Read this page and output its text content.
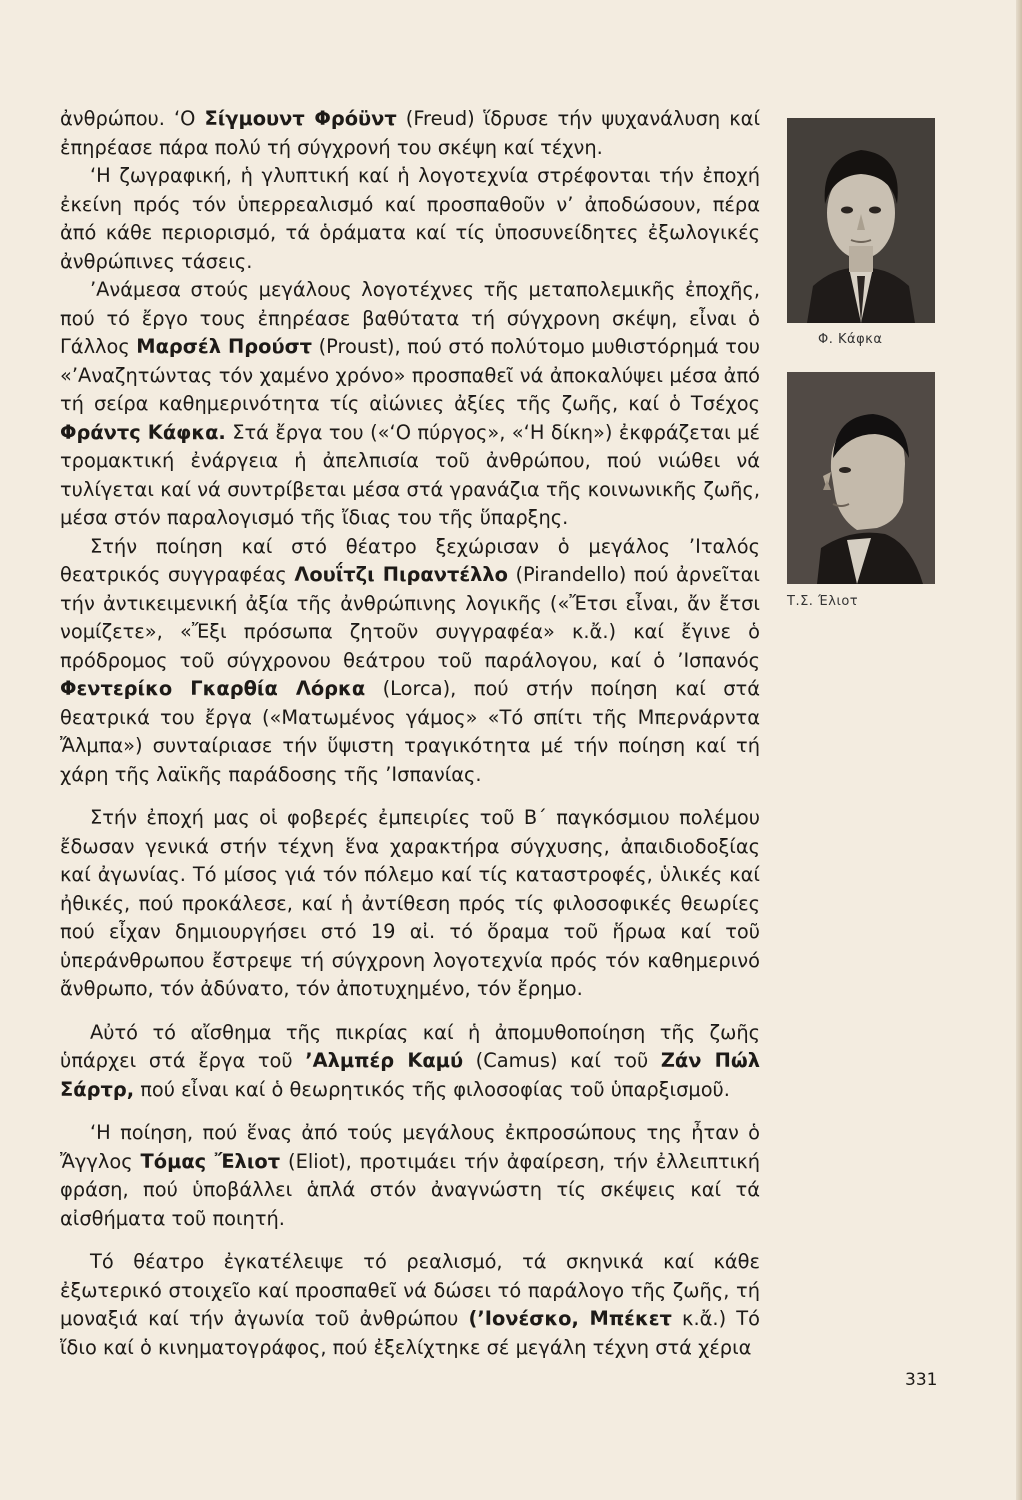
ἀνθρώπου. ‘Ο Σίγμουντ Φρόϋντ (Freud) ἵδρυσε τήν ψυχανάλυση καί ἐπηρέασε πάρα πολύ τή σύγχρονή του σκέψη καί τέχνη.

‘Η ζωγραφική, ἡ γλυπτική καί ἡ λογοτεχνία στρέφονται τήν ἐποχή ἐκείνη πρός τόν ὑπερρεαλισμό καί προσπαθοῦν ν’ ἀποδώσουν, πέρα ἀπό κάθε περιορισμό, τά ὁράματα καί τίς ὑποσυνείδητες ἐξωλογικές ἀνθρώπινες τάσεις.

’Ανάμεσα στούς μεγάλους λογοτέχνες τῆς μεταπολεμικῆς ἐποχῆς, πού τό ἔργο τους ἐπηρέασε βαθύτατα τή σύγχρονη σκέψη, εἶναι ὁ Γάλλος Μαρσέλ Προύστ (Proust), πού στό πολύτομο μυθιστόρημά του «’Αναζητώντας τόν χαμένο χρόνο» προσπαθεῖ νά ἀποκαλύψει μέσα ἀπό τή σείρα καθημερινότητα τίς αἰώνιες ἀξίες τῆς ζωῆς, καί ὁ Τσέχος Φράντς Κάφκα. Στά ἔργα του («‘Ο πύργος», «‘Η δίκη») ἐκφράζεται μέ τρομακτική ἐνάργεια ἡ ἀπελπισία τοῦ ἀνθρώπου, πού νιώθει νά τυλίγεται καί νά συντρίβεται μέσα στά γρανάζια τῆς κοινωνικῆς ζωῆς, μέσα στόν παραλογισμό τῆς ἴδιας του τῆς ὕπαρξης.

Στήν ποίηση καί στό θέατρο ξεχώρισαν ὁ μεγάλος ’Ιταλός θεατρικός συγγραφέας Λουΐτζι Πιραντέλλο (Pirandello) πού ἀρνεῖται τήν ἀντικειμενική ἀξία τῆς ἀνθρώπινης λογικῆς («Ἔτσι εἶναι, ἄν ἔτσι νομίζετε», «Ἔξι πρόσωπα ζητοῦν συγγραφέα» κ.ἄ.) καί ἔγινε ὁ πρόδρομος τοῦ σύγχρονου θεάτρου τοῦ παράλογου, καί ὁ ’Ισπανός Φεντερίκο Γκαρθία Λόρκα (Lorca), πού στήν ποίηση καί στά θεατρικά του ἔργα («Ματωμένος γάμος» «Τό σπίτι τῆς Μπερνάρντα Ἄλμπα») συνταίριασε τήν ὕψιστη τραγικότητα μέ τήν ποίηση καί τή χάρη τῆς λαϊκῆς παράδοσης τῆς ’Ισπανίας.

Στήν ἐποχή μας οἱ φοβερές ἐμπειρίες τοῦ Β΄ παγκόσμιου πολέμου ἔδωσαν γενικά στήν τέχνη ἕνα χαρακτήρα σύγχυσης, ἀπαιδιοδοξίας καί ἀγωνίας. Τό μίσος γιά τόν πόλεμο καί τίς καταστροφές, ὑλικές καί ἠθικές, πού προκάλεσε, καί ἡ ἀντίθεση πρός τίς φιλοσοφικές θεωρίες πού εἶχαν δημιουργήσει στό 19 αἰ. τό ὅραμα τοῦ ἥρωα καί τοῦ ὑπεράνθρωπου ἔστρεψε τή σύγχρονη λογοτεχνία πρός τόν καθημερινό ἄνθρωπο, τόν ἀδύνατο, τόν ἀποτυχημένο, τόν ἔρημο.

Αὐτό τό αἴσθημα τῆς πικρίας καί ἡ ἀπομυθοποίηση τῆς ζωῆς ὑπάρχει στά ἔργα τοῦ ’Αλμπέρ Καμύ (Camus) καί τοῦ Ζάν Πώλ Σάρτρ, πού εἶναι καί ὁ θεωρητικός τῆς φιλοσοφίας τοῦ ὑπαρξισμοῦ.

‘Η ποίηση, πού ἕνας ἀπό τούς μεγάλους ἐκπροσώπους της ἦταν ὁ Ἄγγλος Τόμας Ἔλιοτ (Eliot), προτιμάει τήν ἀφαίρεση, τήν ἐλλειπτική φράση, πού ὑποβάλλει ἁπλά στόν ἀναγνώστη τίς σκέψεις καί τά αἰσθήματα τοῦ ποιητή.

Τό θέατρο ἐγκατέλειψε τό ρεαλισμό, τά σκηνικά καί κάθε ἐξωτερικό στοιχεῖο καί προσπαθεῖ νά δώσει τό παράλογο τῆς ζωῆς, τή μοναξιά καί τήν ἀγωνία τοῦ ἀνθρώπου (’Ιονέσκο, Μπέκετ κ.ἄ.) Τό ἴδιο καί ὁ κινηματογράφος, πού ἐξελίχτηκε σέ μεγάλη τέχνη στά χέρια

Φ. Κάφκα
Τ.Σ. Έλιοτ
331
